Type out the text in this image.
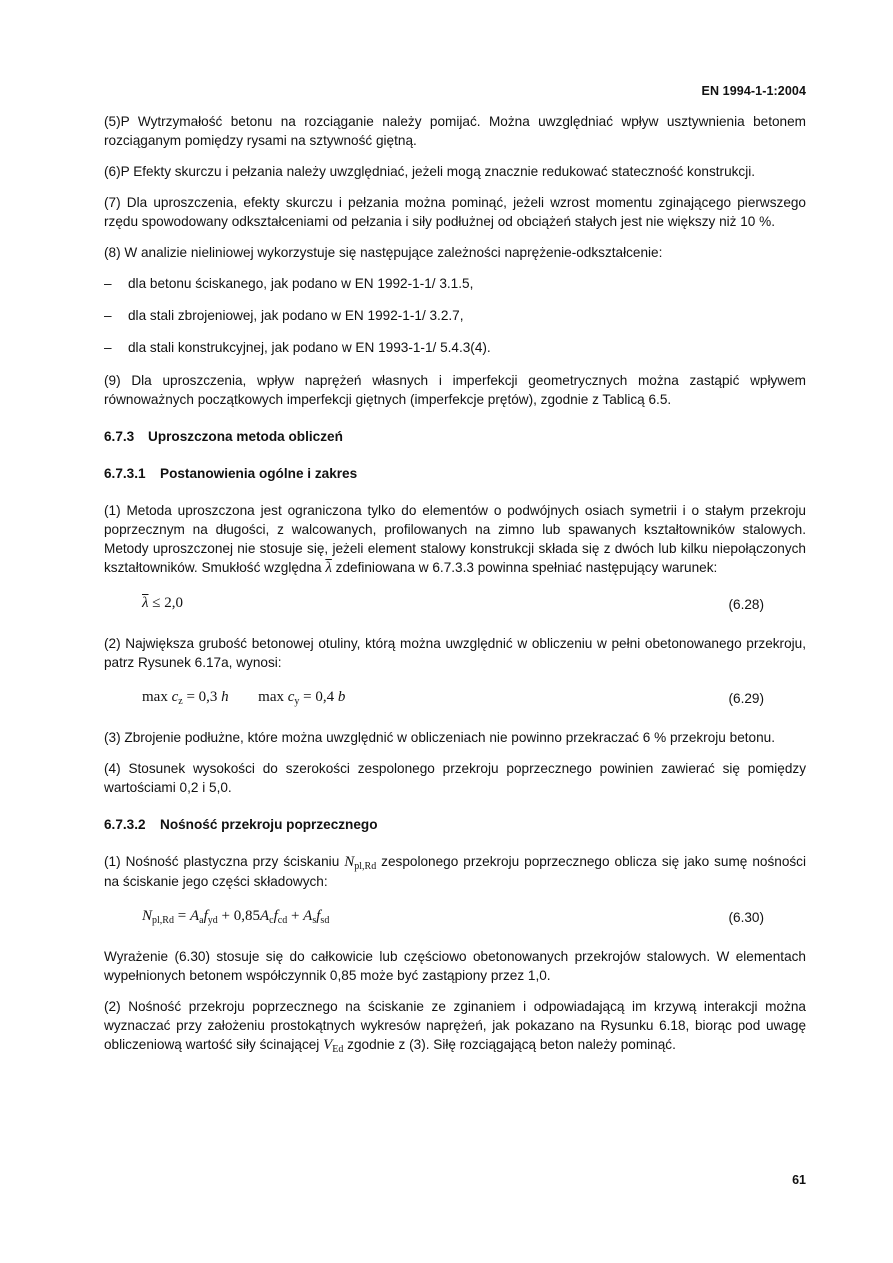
EN 1994-1-1:2004

(5)P Wytrzymałość betonu na rozciąganie należy pomijać. Można uwzględniać wpływ usztywnienia betonem rozciąganym pomiędzy rysami na sztywność giętną.

(6)P Efekty skurczu i pełzania należy uwzględniać, jeżeli mogą znacznie redukować stateczność konstrukcji.

(7) Dla uproszczenia, efekty skurczu i pełzania można pominąć, jeżeli wzrost momentu zginającego pierwszego rzędu spowodowany odkształceniami od pełzania i siły podłużnej od obciążeń stałych jest nie większy niż 10 %.

(8) W analizie nieliniowej wykorzystuje się następujące zależności naprężenie-odkształcenie:

– dla betonu ściskanego, jak podano w EN 1992-1-1/ 3.1.5,
– dla stali zbrojeniowej, jak podano w EN 1992-1-1/ 3.2.7,
– dla stali konstrukcyjnej, jak podano w EN 1993-1-1/ 5.4.3(4).

(9) Dla uproszczenia, wpływ naprężeń własnych i imperfekcji geometrycznych można zastąpić wpływem równoważnych początkowych imperfekcji giętnych (imperfekcje prętów), zgodnie z Tablicą 6.5.

6.7.3 Uproszczona metoda obliczeń
6.7.3.1 Postanowienia ogólne i zakres

(1) Metoda uproszczona jest ograniczona tylko do elementów o podwójnych osiach symetrii i o stałym przekroju poprzecznym na długości, z walcowanych, profilowanych na zimno lub spawanych kształtowników stalowych. Metody uproszczonej nie stosuje się, jeżeli element stalowy konstrukcji składa się z dwóch lub kilku niepołączonych kształtowników. Smukłość względna $\overline{\lambda}$ zdefiniowana w 6.7.3.3 powinna spełniać następujący warunek:

$\overline{\lambda} \le 2,0$	(6.28)

(2) Największa grubość betonowej otuliny, którą można uwzględnić w obliczeniu w pełni obetonowanego przekroju, patrz Rysunek 6.17a, wynosi:

$\max c_z = 0,3$ h $\max c_y = 0,4$ b	(6.29)

(3) Zbrojenie podłużne, które można uwzględnić w obliczeniach nie powinno przekraczać 6 % przekroju betonu.

(4) Stosunek wysokości do szerokości zespolonego przekroju poprzecznego powinien zawierać się pomiędzy wartościami 0,2 i 5,0.

6.7.3.2 Nośność przekroju poprzecznego

(1) Nośność plastyczna przy ściskaniu $N_{pl,Rd}$ zespolonego przekroju poprzecznego oblicza się jako sumę nośności na ściskanie jego części składowych:

$N_{pl,Rd} = A_af_{yd} + 0,85A_cf_{cd} + A_sf_{sd}$	(6.30)

Wyrażenie (6.30) stosuje się do całkowicie lub częściowo obetonowanych przekrojów stalowych. W elementach wypełnionych betonem współczynnik 0,85 może być zastąpiony przez 1,0.

(2) Nośność przekroju poprzecznego na ściskanie ze zginaniem i odpowiadającą im krzywą interakcji można wyznaczać przy założeniu prostokątnych wykresów naprężeń, jak pokazano na Rysunku 6.18, biorąc pod uwagę obliczeniową wartość siły ścinającej $V_{Ed}$ zgodnie z (3). Siłę rozciągającą beton należy pominąć.

61
